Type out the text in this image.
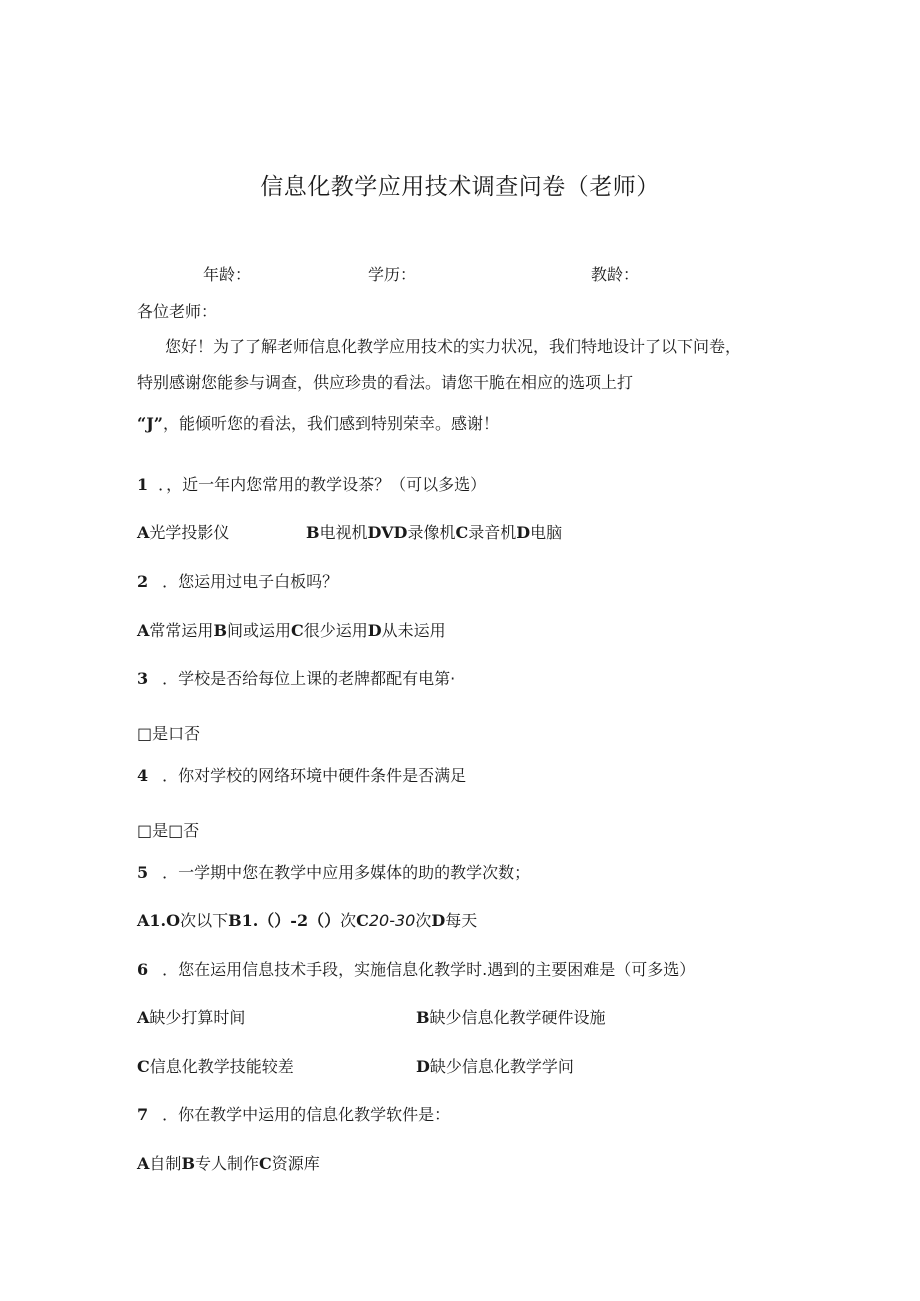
信息化教学应用技术调查问卷（老师）
年龄：	学历：	教龄：
各位老师：
您好！为了了解老师信息化教学应用技术的实力状况，我们特地设计了以下问卷，
特别感谢您能参与调查，供应珍贵的看法。请您干脆在相应的选项上打
“J”，能倾听您的看法，我们感到特别荣幸。感谢！
1 ．，近一年内您常用的教学设茶？（可以多选）
A光学投影仪	B电视机DVD录像机C录音机D电脑
2 ．您运用过电子白板吗？
A常常运用B间或运用C很少运用D从未运用
3 ．学校是否给每位上课的老牌都配有电第·
□是口否
4 ．你对学校的网络环境中硬件条件是否满足
□是□否
5 ．一学期中您在教学中应用多媒体的助的教学次数；
A1.O次以下B1.（）-2（）次C20-30次D每天
6 ．您在运用信息技术手段，实施信息化教学时.遇到的主要困难是（可多选）
A缺少打算时间	B缺少信息化教学硬件设施
C信息化教学技能较差	D缺少信息化教学学问
7 ．你在教学中运用的信息化教学软件是：
A自制B专人制作C资源库
